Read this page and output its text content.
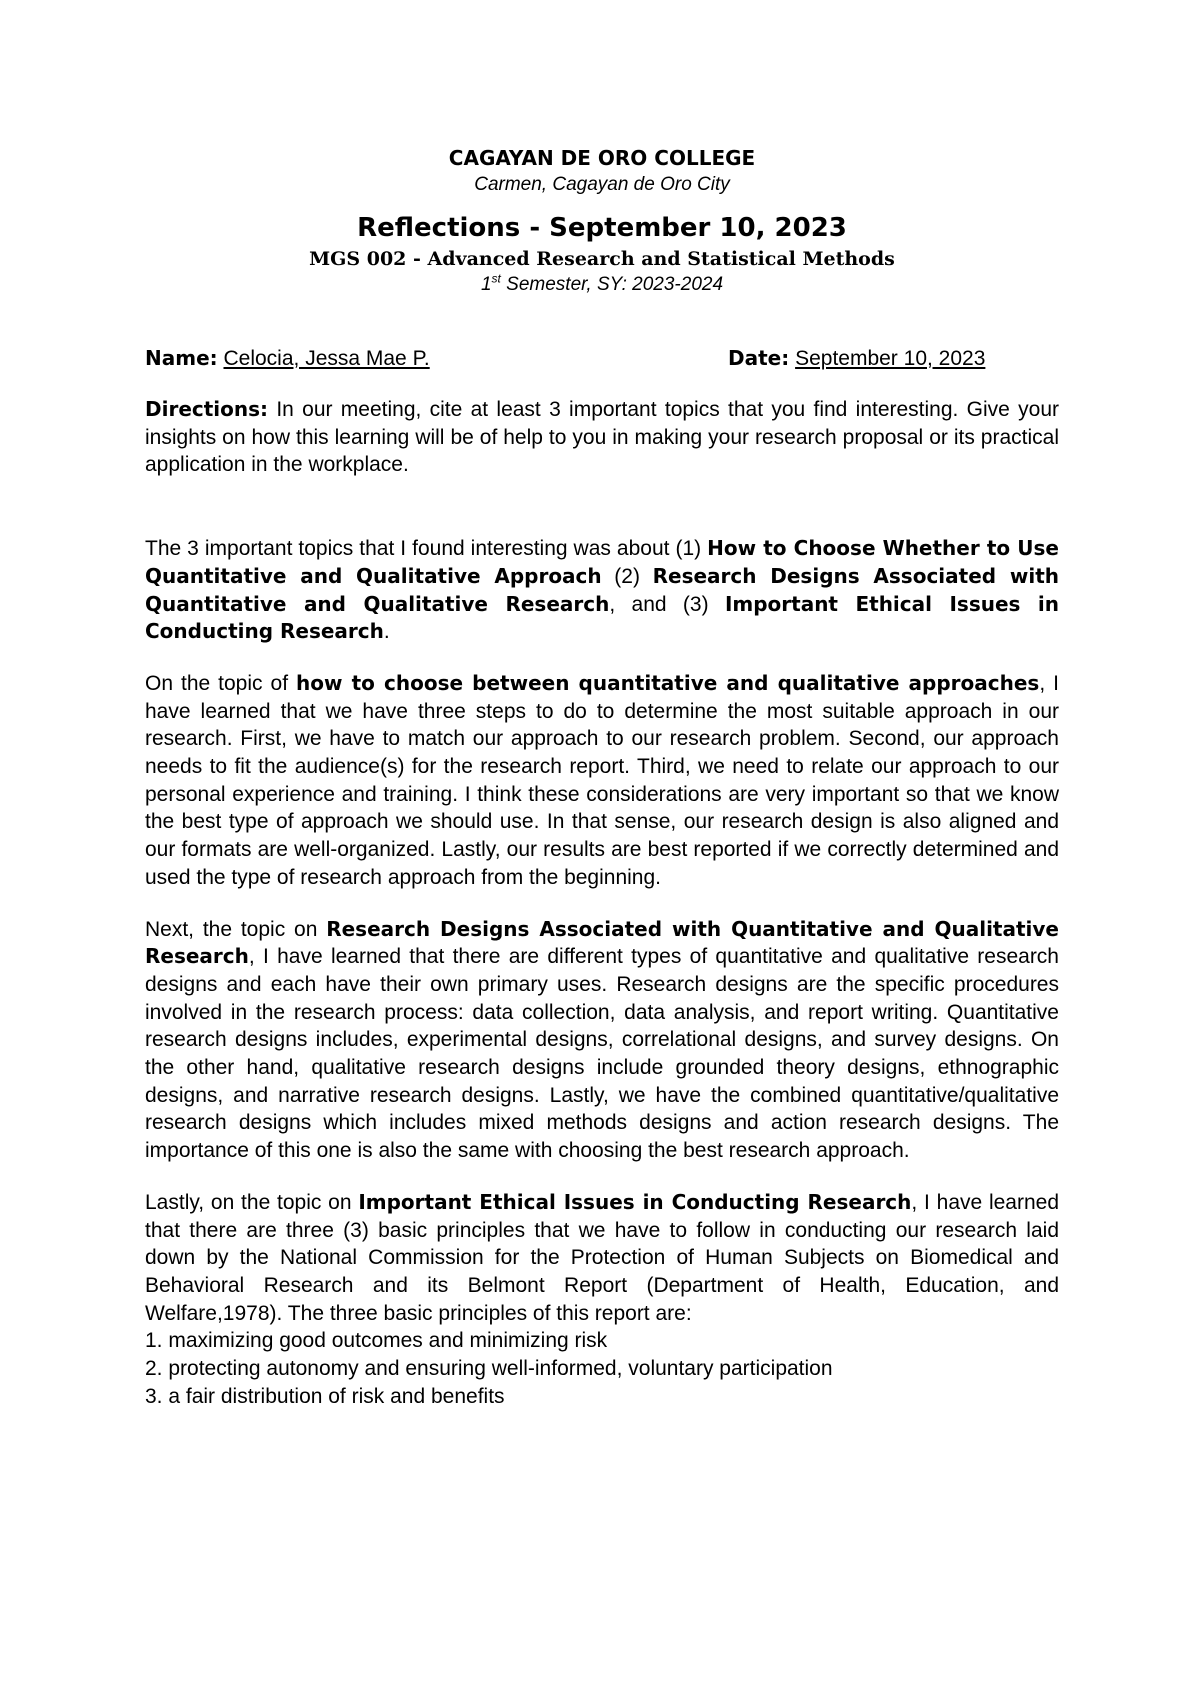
CAGAYAN DE ORO COLLEGE
Carmen, Cagayan de Oro City
Reflections - September 10, 2023
MGS 002 - Advanced Research and Statistical Methods
1st Semester, SY: 2023-2024
Name: Celocia, Jessa Mae P.	Date: September 10, 2023

Directions: In our meeting, cite at least 3 important topics that you find interesting. Give your insights on how this learning will be of help to you in making your research proposal or its practical application in the workplace.

The 3 important topics that I found interesting was about (1) How to Choose Whether to Use Quantitative and Qualitative Approach (2) Research Designs Associated with Quantitative and Qualitative Research, and (3) Important Ethical Issues in Conducting Research.

On the topic of how to choose between quantitative and qualitative approaches, I have learned that we have three steps to do to determine the most suitable approach in our research. First, we have to match our approach to our research problem. Second, our approach needs to fit the audience(s) for the research report. Third, we need to relate our approach to our personal experience and training. I think these considerations are very important so that we know the best type of approach we should use. In that sense, our research design is also aligned and our formats are well-organized. Lastly, our results are best reported if we correctly determined and used the type of research approach from the beginning.

Next, the topic on Research Designs Associated with Quantitative and Qualitative Research, I have learned that there are different types of quantitative and qualitative research designs and each have their own primary uses. Research designs are the specific procedures involved in the research process: data collection, data analysis, and report writing. Quantitative research designs includes, experimental designs, correlational designs, and survey designs. On the other hand, qualitative research designs include grounded theory designs, ethnographic designs, and narrative research designs. Lastly, we have the combined quantitative/qualitative research designs which includes mixed methods designs and action research designs. The importance of this one is also the same with choosing the best research approach.

Lastly, on the topic on Important Ethical Issues in Conducting Research, I have learned that there are three (3) basic principles that we have to follow in conducting our research laid down by the National Commission for the Protection of Human Subjects on Biomedical and Behavioral Research and its Belmont Report (Department of Health, Education, and Welfare,1978). The three basic principles of this report are:

1. maximizing good outcomes and minimizing risk
2. protecting autonomy and ensuring well-informed, voluntary participation
3. a fair distribution of risk and benefits
